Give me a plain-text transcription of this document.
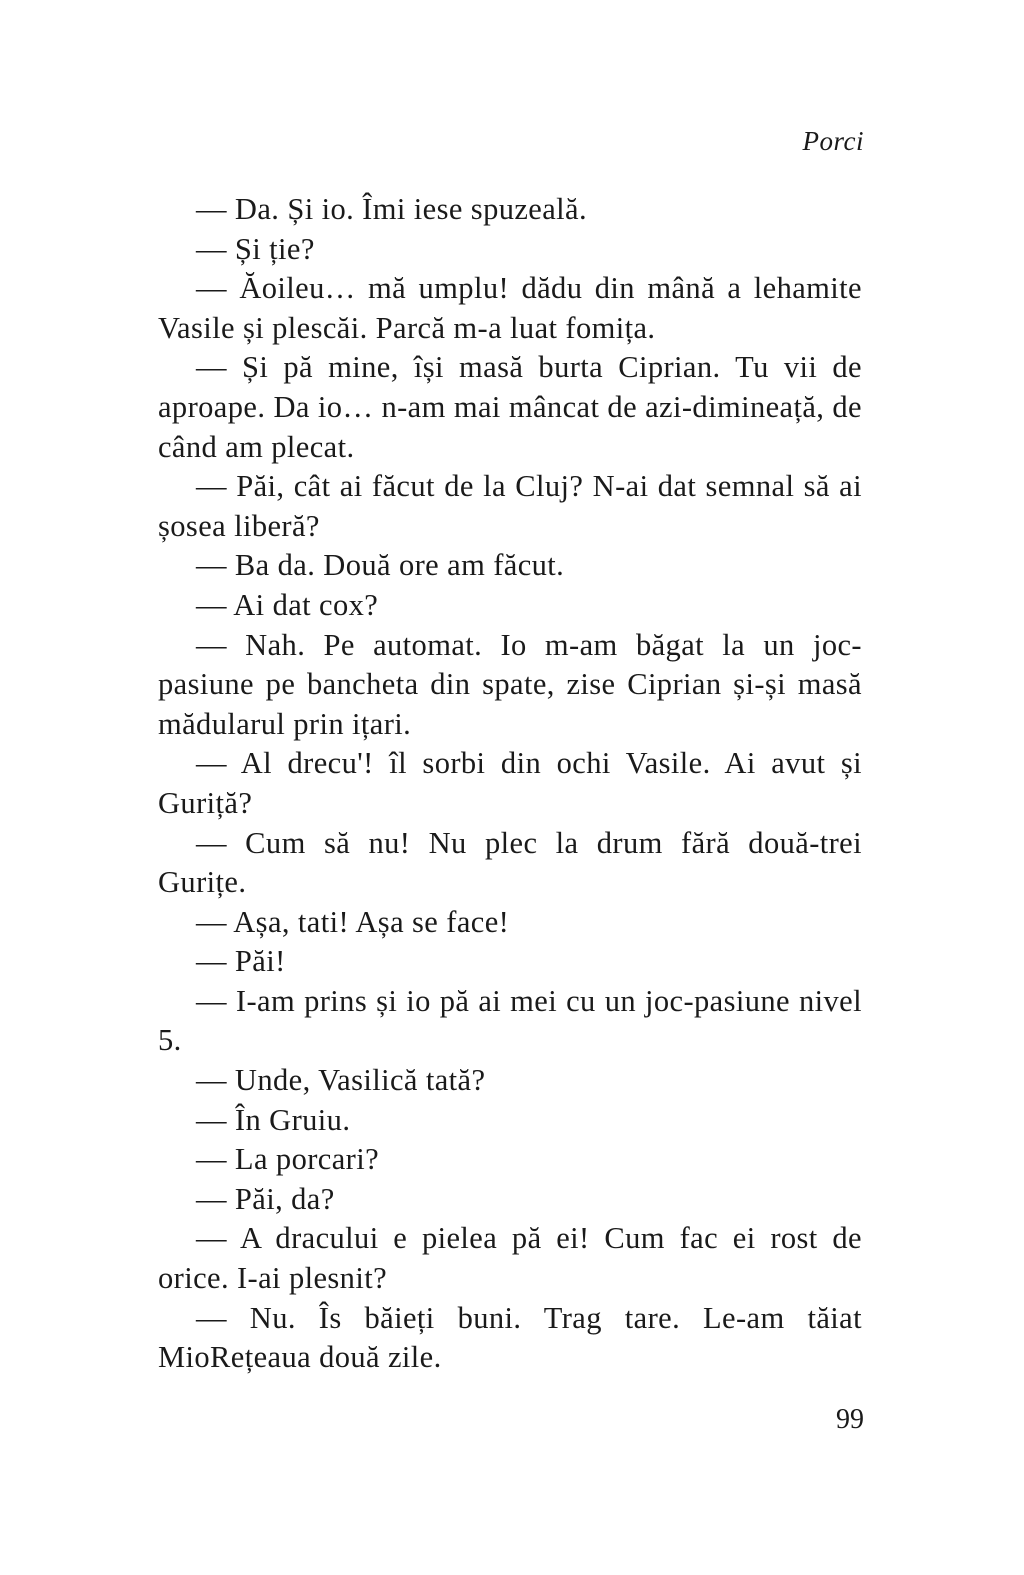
Porci

— Da. Și io. Îmi iese spuzeală.

— Și ție?

— Ăoileu… mă umplu! dădu din mână a lehamite Vasile și plescăi. Parcă m-a luat fomița.

— Și pă mine, își masă burta Ciprian. Tu vii de aproape. Da io… n-am mai mâncat de azi-dimineață, de când am plecat.

— Păi, cât ai făcut de la Cluj? N-ai dat semnal să ai șosea liberă?

— Ba da. Două ore am făcut.

— Ai dat cox?

— Nah. Pe automat. Io m-am băgat la un joc-pasiune pe bancheta din spate, zise Ciprian și-și masă mădularul prin ițari.

— Al drecu'! îl sorbi din ochi Vasile. Ai avut și Guriță?

— Cum să nu! Nu plec la drum fără două-trei Gurițe.

— Așa, tati! Așa se face!

— Păi!

— I-am prins și io pă ai mei cu un joc-pasiune nivel 5.

— Unde, Vasilică tată?

— În Gruiu.

— La porcari?

— Păi, da?

— A dracului e pielea pă ei! Cum fac ei rost de orice. I-ai plesnit?

— Nu. Îs băieți buni. Trag tare. Le-am tăiat MioRețeaua două zile.

99
